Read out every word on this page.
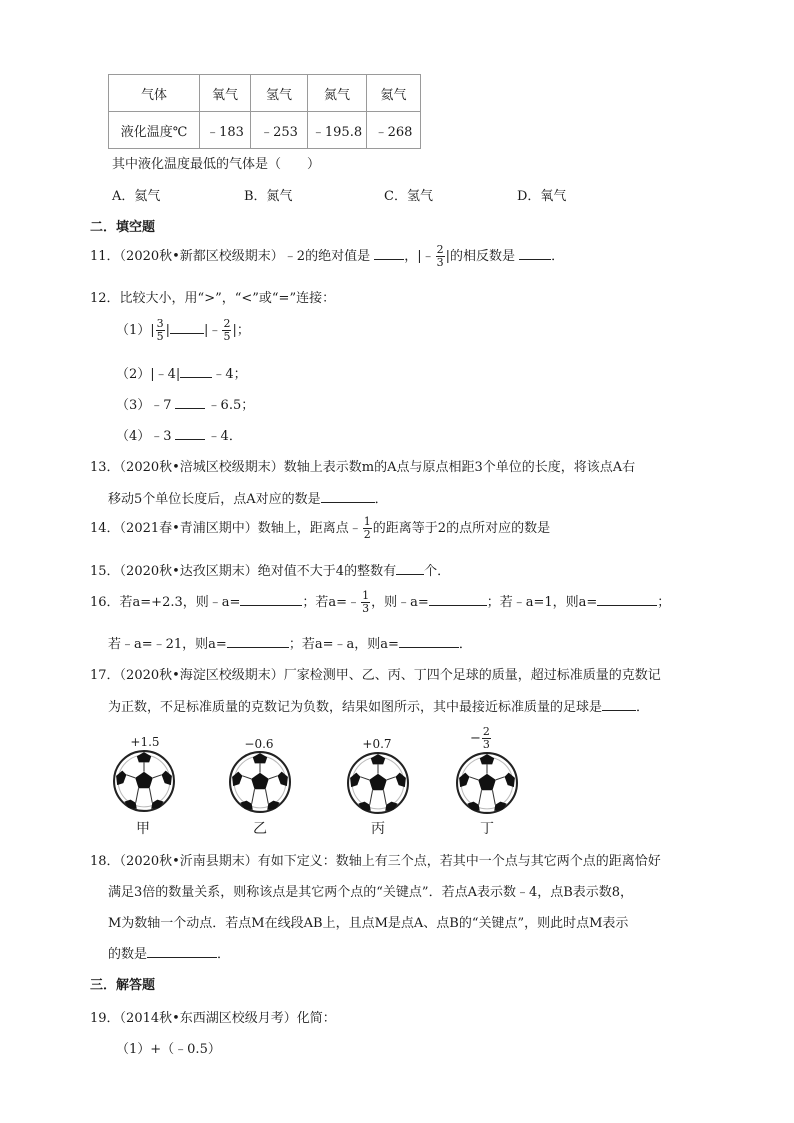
气体	氧气	氢气	氮气	氦气
液化温度℃	﹣183	﹣253	﹣195.8	﹣268
其中液化温度最低的气体是（　　）
A．氦气	B．氮气	C．氢气	D．氧气
二．填空题
11．（2020秋•新都区校级期末）﹣2的绝对值是	，|﹣ $\frac{2}{3}$ |的相反数是	．
12．比较大小，用“>”，“<”或“=”连接：
$(1)| \frac{3}{5}$ |	|﹣ $\frac{2}{5}$ |；
（2）|﹣4| ﹣4；
（3）﹣7	﹣6.5；
（4）﹣3	﹣4．
13．（2020秋•涪城区校级期末）数轴上表示数m的A点与原点相距3个单位的长度，将该点A右
移动5个单位长度后，点A对应的数是	．
14．（2021春•青浦区期中）数轴上，距离点﹣ $\frac{1}{2}$ 的距离等于2的点所对应的数是
15．（2020秋•达孜区期末）绝对值不大于4的整数有 个．
16．若a=+2.3，则﹣a=	；若a=﹣ $\frac{1}{3}$ ，则﹣a=	；若﹣a=1，则a=	；
若﹣a=﹣21，则a=	；若a=﹣a，则a=	．
17．（2020秋•海淀区校级期末）厂家检测甲、乙、丙、丁四个足球的质量，超过标准质量的克数记
为正数，不足标准质量的克数记为负数，结果如图所示，其中最接近标准质量的足球是	．
+1.5
甲
−0.6
乙
+0.7
丙
− $\frac{2}{3}$
丁
18．（2020秋•沂南县期末）有如下定义：数轴上有三个点，若其中一个点与其它两个点的距离恰好
满足3倍的数量关系，则称该点是其它两个点的“关键点”．若点A表示数﹣4，点B表示数8，
M为数轴一个动点．若点M在线段AB上，且点M是点A、点B的“关键点”，则此时点M表示
的数是	．
三．解答题
19．（2014秋•东西湖区校级月考）化简：
（1）+（﹣0.5）
